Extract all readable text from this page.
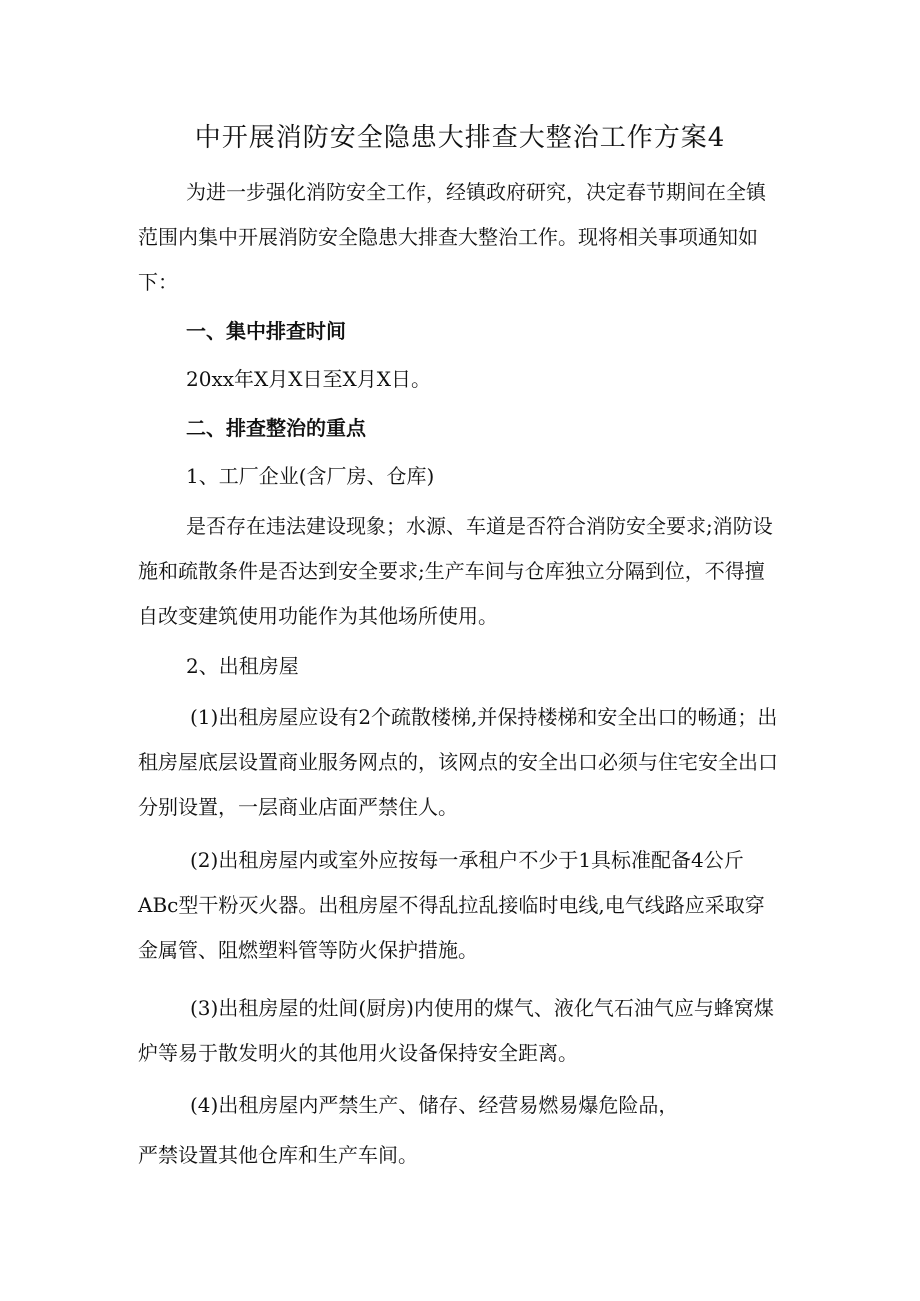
中开展消防安全隐患大排查大整治工作方案4

为进一步强化消防安全工作，经镇政府研究，决定春节期间在全镇范围内集中开展消防安全隐患大排查大整治工作。现将相关事项通知如下：

一、集中排查时间

20xx年X月X日至X月X日。

二、排查整治的重点

1、工厂企业(含厂房、仓库)

是否存在违法建设现象；水源、车道是否符合消防安全要求;消防设施和疏散条件是否达到安全要求;生产车间与仓库独立分隔到位，不得擅自改变建筑使用功能作为其他场所使用。

2、出租房屋

(1)出租房屋应设有2个疏散楼梯,并保持楼梯和安全出口的畅通；出租房屋底层设置商业服务网点的，该网点的安全出口必须与住宅安全出口分别设置，一层商业店面严禁住人。

(2)出租房屋内或室外应按每一承租户不少于1具标准配备4公斤ABc型干粉灭火器。出租房屋不得乱拉乱接临时电线,电气线路应采取穿金属管、阻燃塑料管等防火保护措施。

(3)出租房屋的灶间(厨房)内使用的煤气、液化气石油气应与蜂窝煤炉等易于散发明火的其他用火设备保持安全距离。

(4)出租房屋内严禁生产、储存、经营易燃易爆危险品，

严禁设置其他仓库和生产车间。
